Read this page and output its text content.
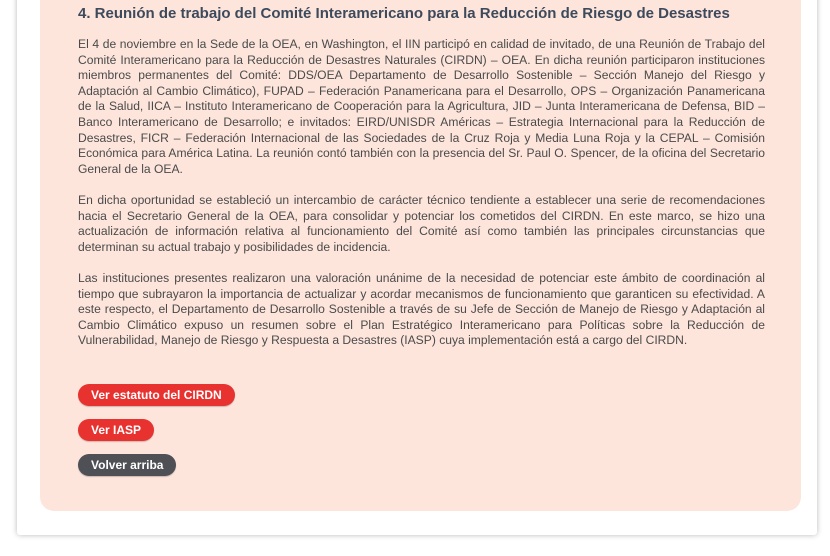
4. Reunión de trabajo del Comité Interamericano para la Reducción de Riesgo de Desastres

El 4 de noviembre en la Sede de la OEA, en Washington, el IIN participó en calidad de invitado, de una Reunión de Trabajo del Comité Interamericano para la Reducción de Desastres Naturales (CIRDN) – OEA. En dicha reunión participaron instituciones miembros permanentes del Comité: DDS/OEA Departamento de Desarrollo Sostenible – Sección Manejo del Riesgo y Adaptación al Cambio Climático), FUPAD – Federación Panamericana para el Desarrollo, OPS – Organización Panamericana de la Salud, IICA – Instituto Interamericano de Cooperación para la Agricultura, JID – Junta Interamericana de Defensa, BID – Banco Interamericano de Desarrollo; e invitados: EIRD/UNISDR Américas – Estrategia Internacional para la Reducción de Desastres, FICR – Federación Internacional de las Sociedades de la Cruz Roja y Media Luna Roja y la CEPAL – Comisión Económica para América Latina. La reunión contó también con la presencia del Sr. Paul O. Spencer, de la oficina del Secretario General de la OEA.

En dicha oportunidad se estableció un intercambio de carácter técnico tendiente a establecer una serie de recomendaciones hacia el Secretario General de la OEA, para consolidar y potenciar los cometidos del CIRDN. En este marco, se hizo una actualización de información relativa al funcionamiento del Comité así como también las principales circunstancias que determinan su actual trabajo y posibilidades de incidencia.

Las instituciones presentes realizaron una valoración unánime de la necesidad de potenciar este ámbito de coordinación al tiempo que subrayaron la importancia de actualizar y acordar mecanismos de funcionamiento que garanticen su efectividad. A este respecto, el Departamento de Desarrollo Sostenible a través de su Jefe de Sección de Manejo de Riesgo y Adaptación al Cambio Climático expuso un resumen sobre el Plan Estratégico Interamericano para Políticas sobre la Reducción de Vulnerabilidad, Manejo de Riesgo y Respuesta a Desastres (IASP) cuya implementación está a cargo del CIRDN.

Ver estatuto del CIRDN
Ver IASP
Volver arriba
